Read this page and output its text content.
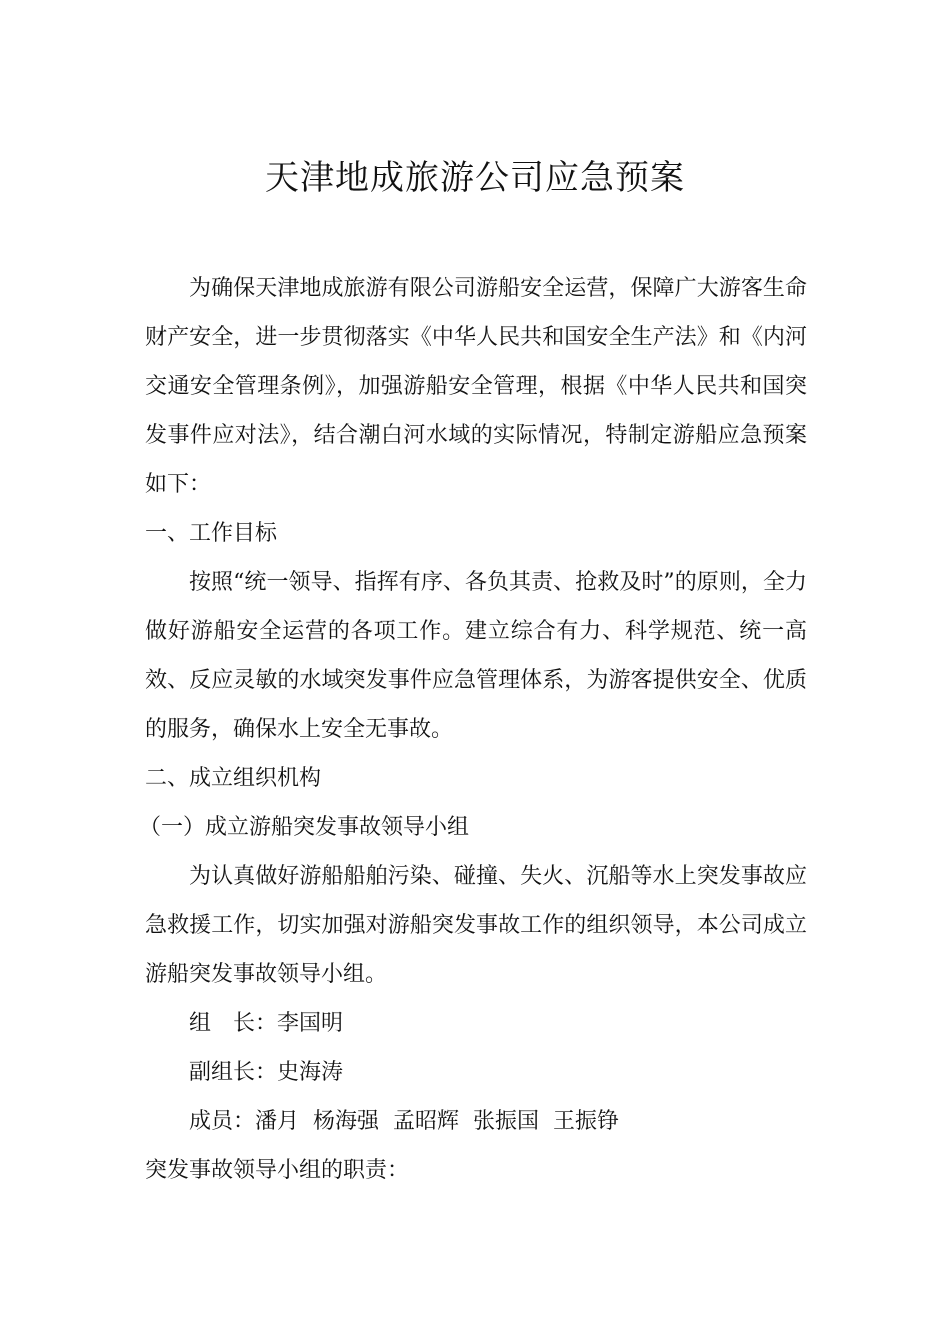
天津地成旅游公司应急预案

为确保天津地成旅游有限公司游船安全运营，保障广大游客生命财产安全，进一步贯彻落实《中华人民共和国安全生产法》和《内河交通安全管理条例》，加强游船安全管理，根据《中华人民共和国突发事件应对法》，结合潮白河水域的实际情况，特制定游船应急预案如下：

一、工作目标

按照“统一领导、指挥有序、各负其责、抢救及时”的原则，全力做好游船安全运营的各项工作。建立综合有力、科学规范、统一高效、反应灵敏的水域突发事件应急管理体系，为游客提供安全、优质的服务，确保水上安全无事故。

二、成立组织机构

（一）成立游船突发事故领导小组

为认真做好游船船舶污染、碰撞、失火、沉船等水上突发事故应急救援工作，切实加强对游船突发事故工作的组织领导，本公司成立游船突发事故领导小组。

组　长：李国明

副组长：史海涛

成员：潘月  杨海强  孟昭辉  张振国  王振铮

突发事故领导小组的职责：
